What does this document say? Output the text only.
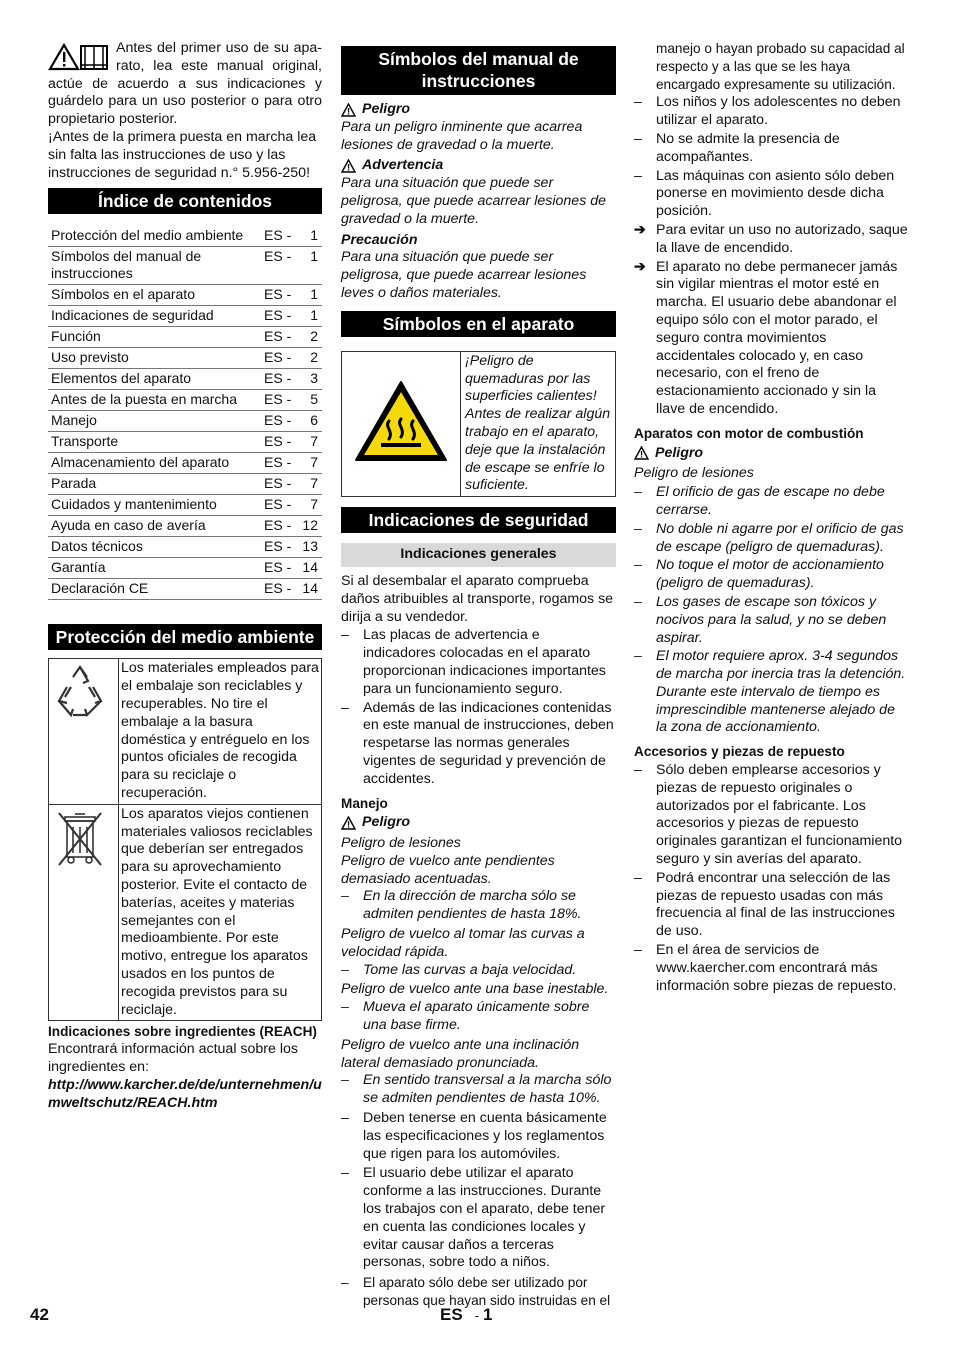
Antes del primer uso de su apa- rato, lea este manual original, actúe de acuerdo a sus indicaciones y guárdelo para un uso posterior o para otro propietario posterior.

¡Antes de la primera puesta en marcha lea sin falta las instrucciones de uso y las instrucciones de seguridad n.° 5.956-250!

Índice de contenidos
Protección del medio ambiente	ES -	1
Símbolos del manual de instrucciones	ES -	1
Símbolos en el aparato	ES -	1
Indicaciones de seguridad	ES -	1
Función	ES -	2
Uso previsto	ES -	2
Elementos del aparato	ES -	3
Antes de la puesta en marcha	ES -	5
Manejo	ES -	6
Transporte	ES -	7
Almacenamiento del aparato	ES -	7
Parada	ES -	7
Cuidados y mantenimiento	ES -	7
Ayuda en caso de avería	ES -	12
Datos técnicos	ES -	13
Garantía	ES -	14
Declaración CE	ES -	14
Protección del medio ambiente
	Los materiales empleados para el embalaje son reciclables y recuperables. No tire el embalaje a la basura doméstica y entréguelo en los puntos oficiales de recogida para su reciclaje o recuperación.
	Los aparatos viejos contienen materiales valiosos reciclables que deberían ser entregados para su aprovechamiento posterior. Evite el contacto de baterías, aceites y materias semejantes con el medioambiente. Por este motivo, entregue los aparatos usados en los puntos de recogida previstos para su reciclaje.

Indicaciones sobre ingredientes (REACH)

Encontrará información actual sobre los ingredientes en:

http://www.karcher.de/de/unternehmen/umweltschutz/REACH.htm

Símbolos del manual de instrucciones
Peligro

Para un peligro inminente que acarrea lesiones de gravedad o la muerte.

Advertencia

Para una situación que puede ser peligrosa, que puede acarrear lesiones de gravedad o la muerte.

Precaución

Para una situación que puede ser peligrosa, que puede acarrear lesiones leves o daños materiales.

Símbolos en el aparato
	¡Peligro de quemaduras por las superficies calientes! Antes de realizar algún trabajo en el aparato, deje que la instalación de escape se enfríe lo suficiente.
Indicaciones de seguridad
Indicaciones generales

Si al desembalar el aparato comprueba daños atribuibles al transporte, rogamos se dirija a su vendedor.

– Las placas de advertencia e indicadores colocadas en el aparato proporcionan indicaciones importantes para un funcionamiento seguro.
– Además de las indicaciones contenidas en este manual de instrucciones, deben respetarse las normas generales vigentes de seguridad y prevención de accidentes.

Manejo

Peligro

Peligro de lesiones

Peligro de vuelco ante pendientes demasiado acentuadas.

– En la dirección de marcha sólo se admiten pendientes de hasta 18%.

Peligro de vuelco al tomar las curvas a velocidad rápida.

– Tome las curvas a baja velocidad.

Peligro de vuelco ante una base inestable.

– Mueva el aparato únicamente sobre una base firme.

Peligro de vuelco ante una inclinación lateral demasiado pronunciada.

– En sentido transversal a la marcha sólo se admiten pendientes de hasta 10%.
– Deben tenerse en cuenta básicamente las especificaciones y los reglamentos que rigen para los automóviles.
– El usuario debe utilizar el aparato conforme a las instrucciones. Durante los trabajos con el aparato, debe tener en cuenta las condiciones locales y evitar causar daños a terceras personas, sobre todo a niños.
–	El aparato sólo debe ser utilizado por personas que hayan sido instruidas en el

manejo o hayan probado su capacidad al respecto y a las que se les haya encargado expresamente su utilización.

– Los niños y los adolescentes no deben utilizar el aparato.
– No se admite la presencia de acompañantes.
– Las máquinas con asiento sólo deben ponerse en movimiento desde dicha posición.
➔ Para evitar un uso no autorizado, saque la llave de encendido.
➔ El aparato no debe permanecer jamás sin vigilar mientras el motor esté en marcha. El usuario debe abandonar el equipo sólo con el motor parado, el seguro contra movimientos accidentales colocado y, en caso necesario, con el freno de estacionamiento accionado y sin la llave de encendido.

Aparatos con motor de combustión

Peligro

Peligro de lesiones

– El orificio de gas de escape no debe cerrarse.
– No doble ni agarre por el orificio de gas de escape (peligro de quemaduras).
– No toque el motor de accionamiento (peligro de quemaduras).
– Los gases de escape son tóxicos y nocivos para la salud, y no se deben aspirar.
– El motor requiere aprox. 3-4 segundos de marcha por inercia tras la detención. Durante este intervalo de tiempo es imprescindible mantenerse alejado de la zona de accionamiento.

Accesorios y piezas de repuesto

– Sólo deben emplearse accesorios y piezas de repuesto originales o autorizados por el fabricante. Los accesorios y piezas de repuesto originales garantizan el funcionamiento seguro y sin averías del aparato.
– Podrá encontrar una selección de las piezas de repuesto usadas con más frecuencia al final de las instrucciones de uso.
– En el área de servicios de www.kaercher.com encontrará más información sobre piezas de repuesto.
42	ES - 1
